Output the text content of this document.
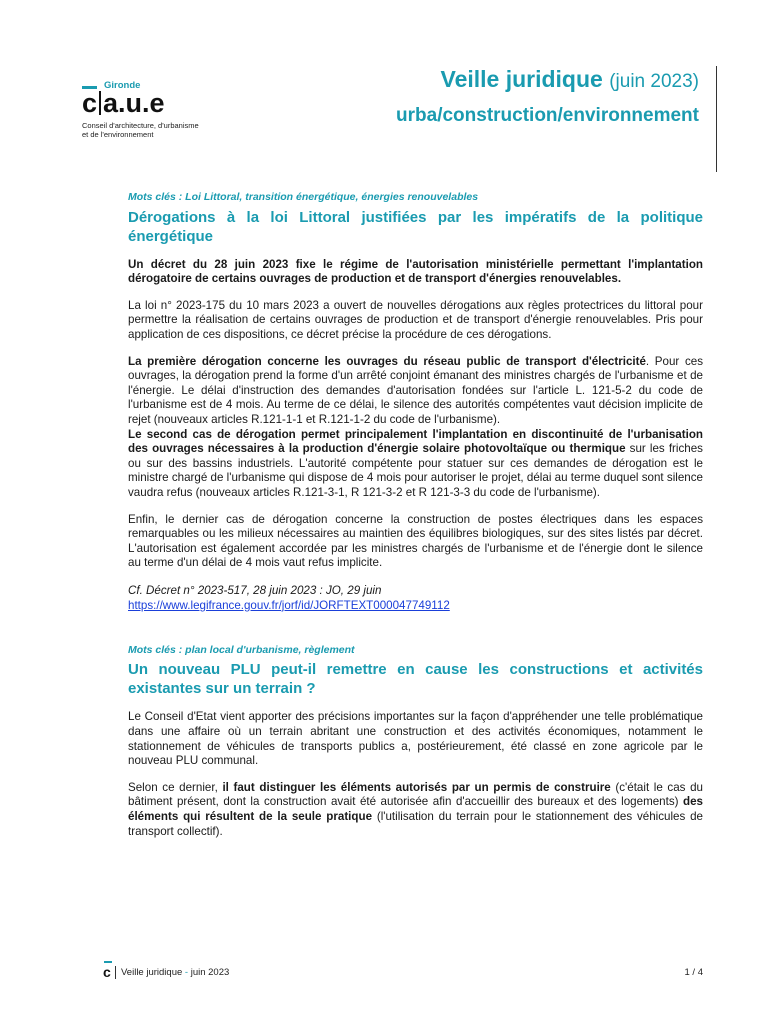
Gironde
c a.u.e
Conseil d'architecture, d'urbanisme
et de l'environnement
Veille juridique (juin 2023)
urba/construction/environnement

Mots clés : Loi Littoral, transition énergétique, énergies renouvelables

Dérogations à la loi Littoral justifiées par les impératifs de la politique énergétique

Un décret du 28 juin 2023 fixe le régime de l'autorisation ministérielle permettant l'implantation dérogatoire de certains ouvrages de production et de transport d'énergies renouvelables.

La loi n° 2023-175 du 10 mars 2023 a ouvert de nouvelles dérogations aux règles protectrices du littoral pour permettre la réalisation de certains ouvrages de production et de transport d'énergie renouvelables. Pris pour application de ces dispositions, ce décret précise la procédure de ces dérogations.

La première dérogation concerne les ouvrages du réseau public de transport d'électricité. Pour ces ouvrages, la dérogation prend la forme d'un arrêté conjoint émanant des ministres chargés de l'urbanisme et de l'énergie. Le délai d'instruction des demandes d'autorisation fondées sur l'article L. 121-5-2 du code de l'urbanisme est de 4 mois. Au terme de ce délai, le silence des autorités compétentes vaut décision implicite de rejet (nouveaux articles R.121-1-1 et R.121-1-2 du code de l'urbanisme).

Le second cas de dérogation permet principalement l'implantation en discontinuité de l'urbanisation des ouvrages nécessaires à la production d'énergie solaire photovoltaïque ou thermique sur les friches ou sur des bassins industriels. L'autorité compétente pour statuer sur ces demandes de dérogation est le ministre chargé de l'urbanisme qui dispose de 4 mois pour autoriser le projet, délai au terme duquel sont silence vaudra refus (nouveaux articles R.121-3-1, R 121-3-2 et R 121-3-3 du code de l'urbanisme).

Enfin, le dernier cas de dérogation concerne la construction de postes électriques dans les espaces remarquables ou les milieux nécessaires au maintien des équilibres biologiques, sur des sites listés par décret. L'autorisation est également accordée par les ministres chargés de l'urbanisme et de l'énergie dont le silence au terme d'un délai de 4 mois vaut refus implicite.

Cf. Décret n° 2023-517, 28 juin 2023 : JO, 29 juin

https://www.legifrance.gouv.fr/jorf/id/JORFTEXT000047749112

Mots clés : plan local d'urbanisme, règlement

Un nouveau PLU peut-il remettre en cause les constructions et activités existantes sur un terrain ?

Le Conseil d'Etat vient apporter des précisions importantes sur la façon d'appréhender une telle problématique dans une affaire où un terrain abritant une construction et des activités économiques, notamment le stationnement de véhicules de transports publics a, postérieurement, été classé en zone agricole par le nouveau PLU communal.

Selon ce dernier, il faut distinguer les éléments autorisés par un permis de construire (c'était le cas du bâtiment présent, dont la construction avait été autorisée afin d'accueillir des bureaux et des logements) des éléments qui résultent de la seule pratique (l'utilisation du terrain pour le stationnement des véhicules de transport collectif).

c Veille juridique - juin 2023	1 / 4
